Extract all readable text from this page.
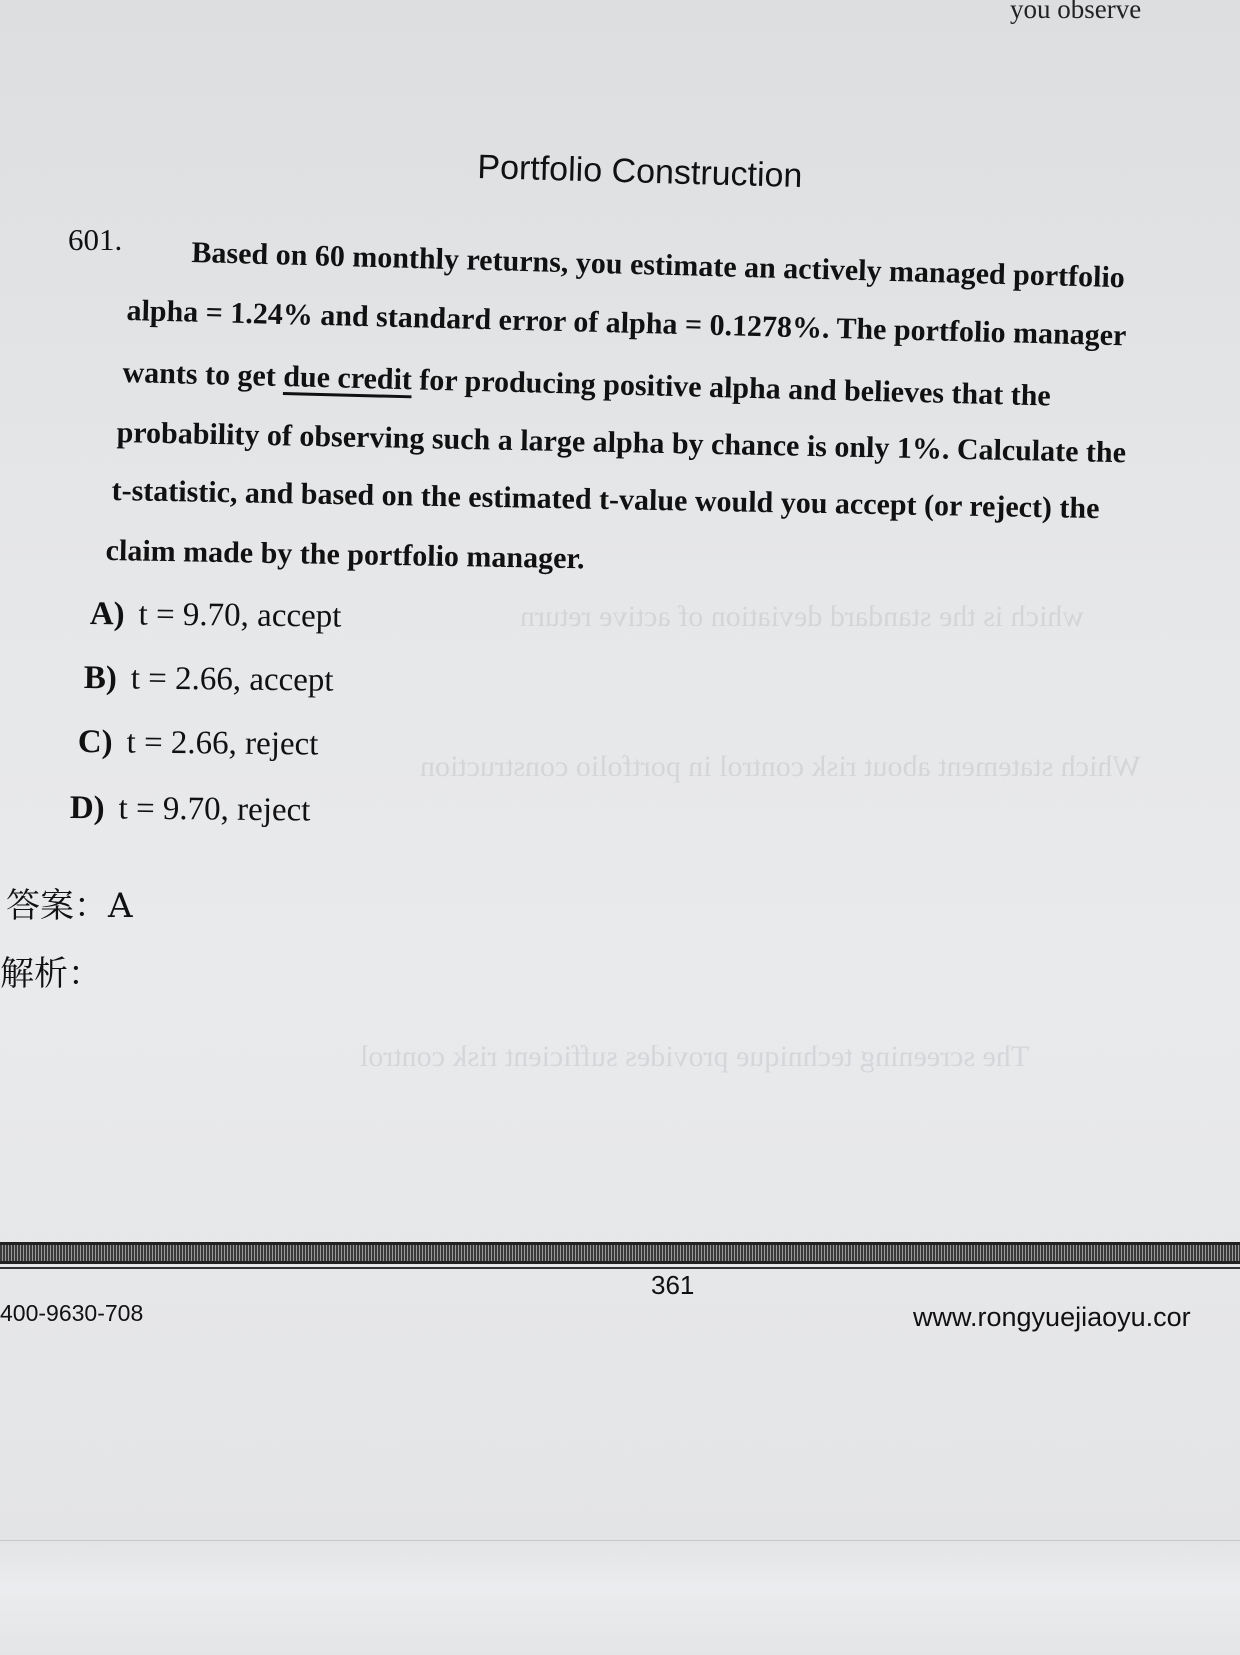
which is the standard deviation of active return
Which statement about risk control in portfolio construction
The screening technique provides sufficient risk control
you observe
Portfolio Construction
601. Based on 60 monthly returns, you estimate an actively managed portfolio
alpha = 1.24% and standard error of alpha = 0.1278%. The portfolio manager
wants to get due credit for producing positive alpha and believes that the
probability of observing such a large alpha by chance is only 1%. Calculate the
t-statistic, and based on the estimated t-value would you accept (or reject) the
claim made by the portfolio manager.
A) t = 9.70, accept
B) t = 2.66, accept
C) t = 2.66, reject
D) t = 9.70, reject
答案：A
解析：
361
400-9630-708	www.rongyuejiaoyu.cor
